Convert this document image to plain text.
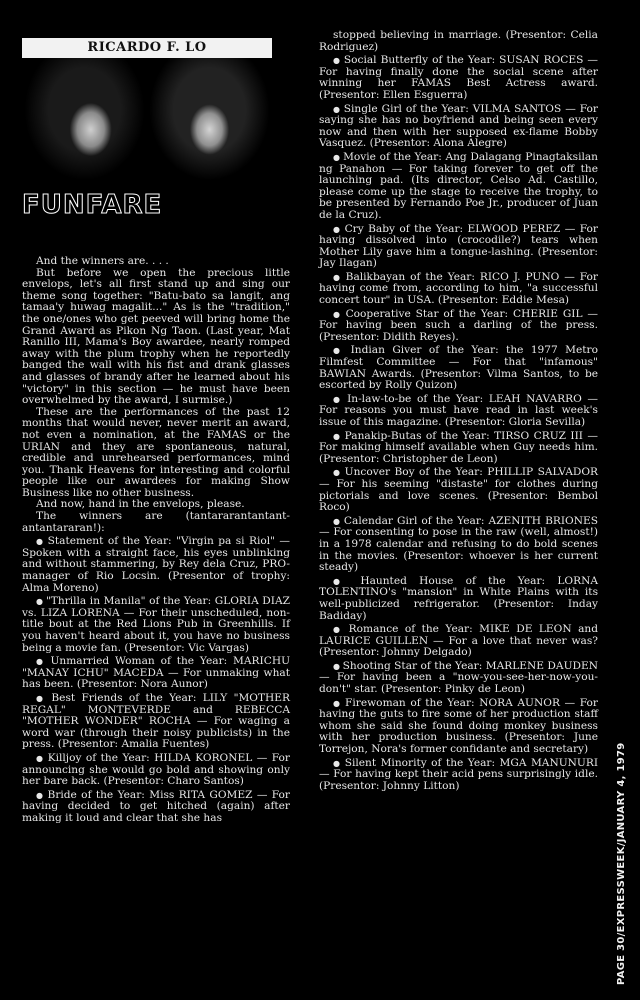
RICARDO F. LO
FUNFARE

And the winners are. . . .

But before we open the precious little envelops, let's all first stand up and sing our theme song together: "Batu-bato sa langit, ang tamaa'y huwag magalit..." As is the "tradition," the one/ones who get peeved will bring home the Grand Award as Pikon Ng Taon. (Last year, Mat Ranillo III, Mama's Boy awardee, nearly romped away with the plum trophy when he reportedly banged the wall with his fist and drank glasses and glasses of brandy after he learned about his "victory" in this section — he must have been overwhelmed by the award, I surmise.)

These are the performances of the past 12 months that would never, never merit an award, not even a nomination, at the FAMAS or the URIAN and they are spontaneous, natural, credible and unrehearsed performances, mind you. Thank Heavens for interesting and colorful people like our awardees for making Show Business like no other business.

And now, hand in the envelops, please.

The winners are (tantararantantant-antantararan!):

● Statement of the Year: "Virgin pa si Riol" — Spoken with a straight face, his eyes unblinking and without stammering, by Rey dela Cruz, PRO-manager of Rio Locsin. (Presentor of trophy: Alma Moreno)

● "Thrilla in Manila" of the Year: GLORIA DIAZ vs. LIZA LORENA — For their unscheduled, non-title bout at the Red Lions Pub in Greenhills. If you haven't heard about it, you have no business being a movie fan. (Presentor: Vic Vargas)

● Unmarried Woman of the Year: MARICHU "MANAY ICHU" MACEDA — For unmaking what has been. (Presentor: Nora Aunor)

● Best Friends of the Year: LILY "MOTHER REGAL" MONTEVERDE and REBECCA "MOTHER WONDER" ROCHA — For waging a word war (through their noisy publicists) in the press. (Presentor: Amalia Fuentes)

● Killjoy of the Year: HILDA KORONEL — For announcing she would go bold and showing only her bare back. (Presentor: Charo Santos)

● Bride of the Year: Miss RITA GOMEZ — For having decided to get hitched (again) after making it loud and clear that she has

stopped believing in marriage. (Presentor: Celia Rodriguez)

● Social Butterfly of the Year: SUSAN ROCES — For having finally done the social scene after winning her FAMAS Best Actress award. (Presentor: Ellen Esguerra)

● Single Girl of the Year: VILMA SANTOS — For saying she has no boyfriend and being seen every now and then with her supposed ex-flame Bobby Vasquez. (Presentor: Alona Alegre)

● Movie of the Year: Ang Dalagang Pinagtaksilan ng Panahon — For taking forever to get off the launching pad. (Its director, Celso Ad. Castillo, please come up the stage to receive the trophy, to be presented by Fernando Poe Jr., producer of Juan de la Cruz).

● Cry Baby of the Year: ELWOOD PEREZ — For having dissolved into (crocodile?) tears when Mother Lily gave him a tongue-lashing. (Presentor: Jay Ilagan)

● Balikbayan of the Year: RICO J. PUNO — For having come from, according to him, "a successful concert tour" in USA. (Presentor: Eddie Mesa)

● Cooperative Star of the Year: CHERIE GIL — For having been such a darling of the press. (Presentor: Didith Reyes).

● Indian Giver of the Year: the 1977 Metro Filmfest Committee — For that "infamous" BAWIAN Awards. (Presentor: Vilma Santos, to be escorted by Rolly Quizon)

● In-law-to-be of the Year: LEAH NAVARRO — For reasons you must have read in last week's issue of this magazine. (Presentor: Gloria Sevilla)

● Panakip-Butas of the Year: TIRSO CRUZ III — For making himself available when Guy needs him. (Presentor: Christopher de Leon)

● Uncover Boy of the Year: PHILLIP SALVADOR — For his seeming "distaste" for clothes during pictorials and love scenes. (Presentor: Bembol Roco)

● Calendar Girl of the Year: AZENITH BRIONES — For consenting to pose in the raw (well, almost!) in a 1978 calendar and refusing to do bold scenes in the movies. (Presentor: whoever is her current steady)

● Haunted House of the Year: LORNA TOLENTINO's "mansion" in White Plains with its well-publicized refrigerator. (Presentor: Inday Badiday)

● Romance of the Year: MIKE DE LEON and LAURICE GUILLEN — For a love that never was? (Presentor: Johnny Delgado)

● Shooting Star of the Year: MARLENE DAUDEN — For having been a "now-you-see-her-now-you-don't" star. (Presentor: Pinky de Leon)

● Firewoman of the Year: NORA AUNOR — For having the guts to fire some of her production staff whom she said she found doing monkey business with her production business. (Presentor: June Torrejon, Nora's former confidante and secretary)

● Silent Minority of the Year: MGA MANUNURI — For having kept their acid pens surprisingly idle. (Presentor: Johnny Litton)	PAGE 30/EXPRESSWEEK/JANUARY 4, 1979
